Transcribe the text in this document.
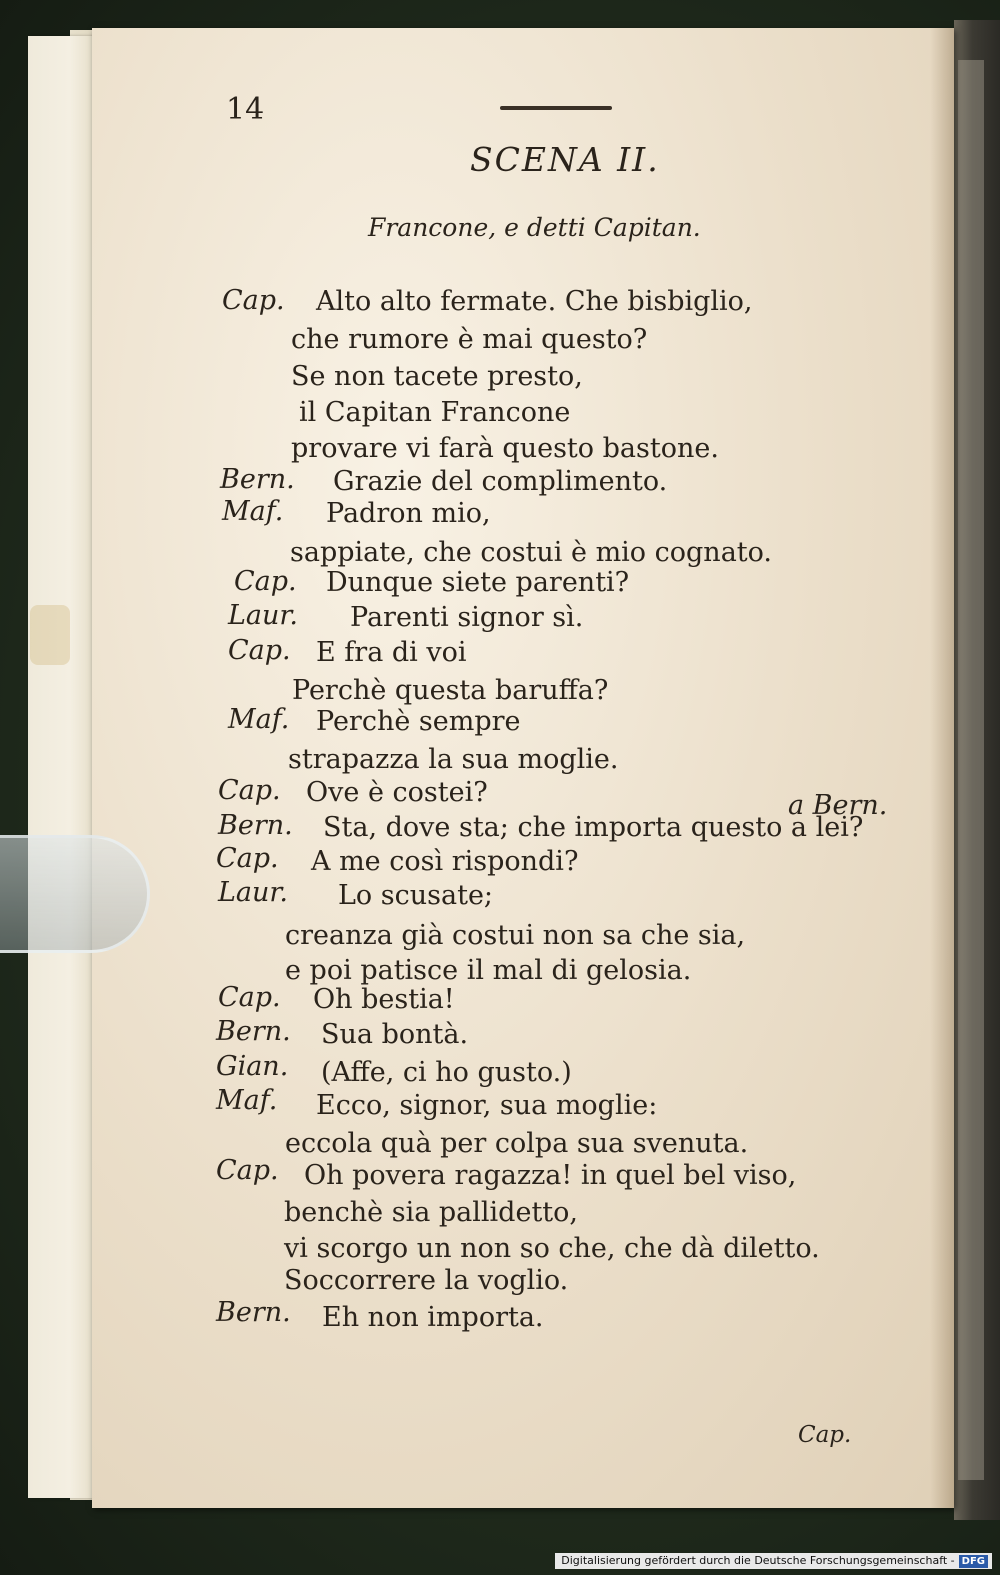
14
SCENA II.
Francone, e detti Capitan.
Cap. Alto alto fermate. Che bisbiglio,
che rumore è mai questo?
Se non tacete presto,
il Capitan Francone
provare vi farà questo bastone.
Bern. Grazie del complimento.
Maf. Padron mio,
sappiate, che costui è mio cognato.
Cap. Dunque siete parenti?
Laur. Parenti signor sì.
Cap. E fra di voi
Perchè questa baruffa?
Maf. Perchè sempre
strapazza la sua moglie.
Cap. Ove è costei?	a Bern.
Bern. Sta, dove sta; che importa questo a lei?
Cap. A me così rispondi?
Laur. Lo scusate;
creanza già costui non sa che sia,
e poi patisce il mal di gelosia.
Cap. Oh bestia!
Bern. Sua bontà.
Gian. (Affe, ci ho gusto.)
Maf. Ecco, signor, sua moglie:
eccola quà per colpa sua svenuta.
Cap. Oh povera ragazza! in quel bel viso,
benchè sia pallidetto,
vi scorgo un non so che, che dà diletto.
Soccorrere la voglio.
Bern. Eh non importa.
Cap.
Digitalisierung gefördert durch die Deutsche Forschungsgemeinschaft - DFG
